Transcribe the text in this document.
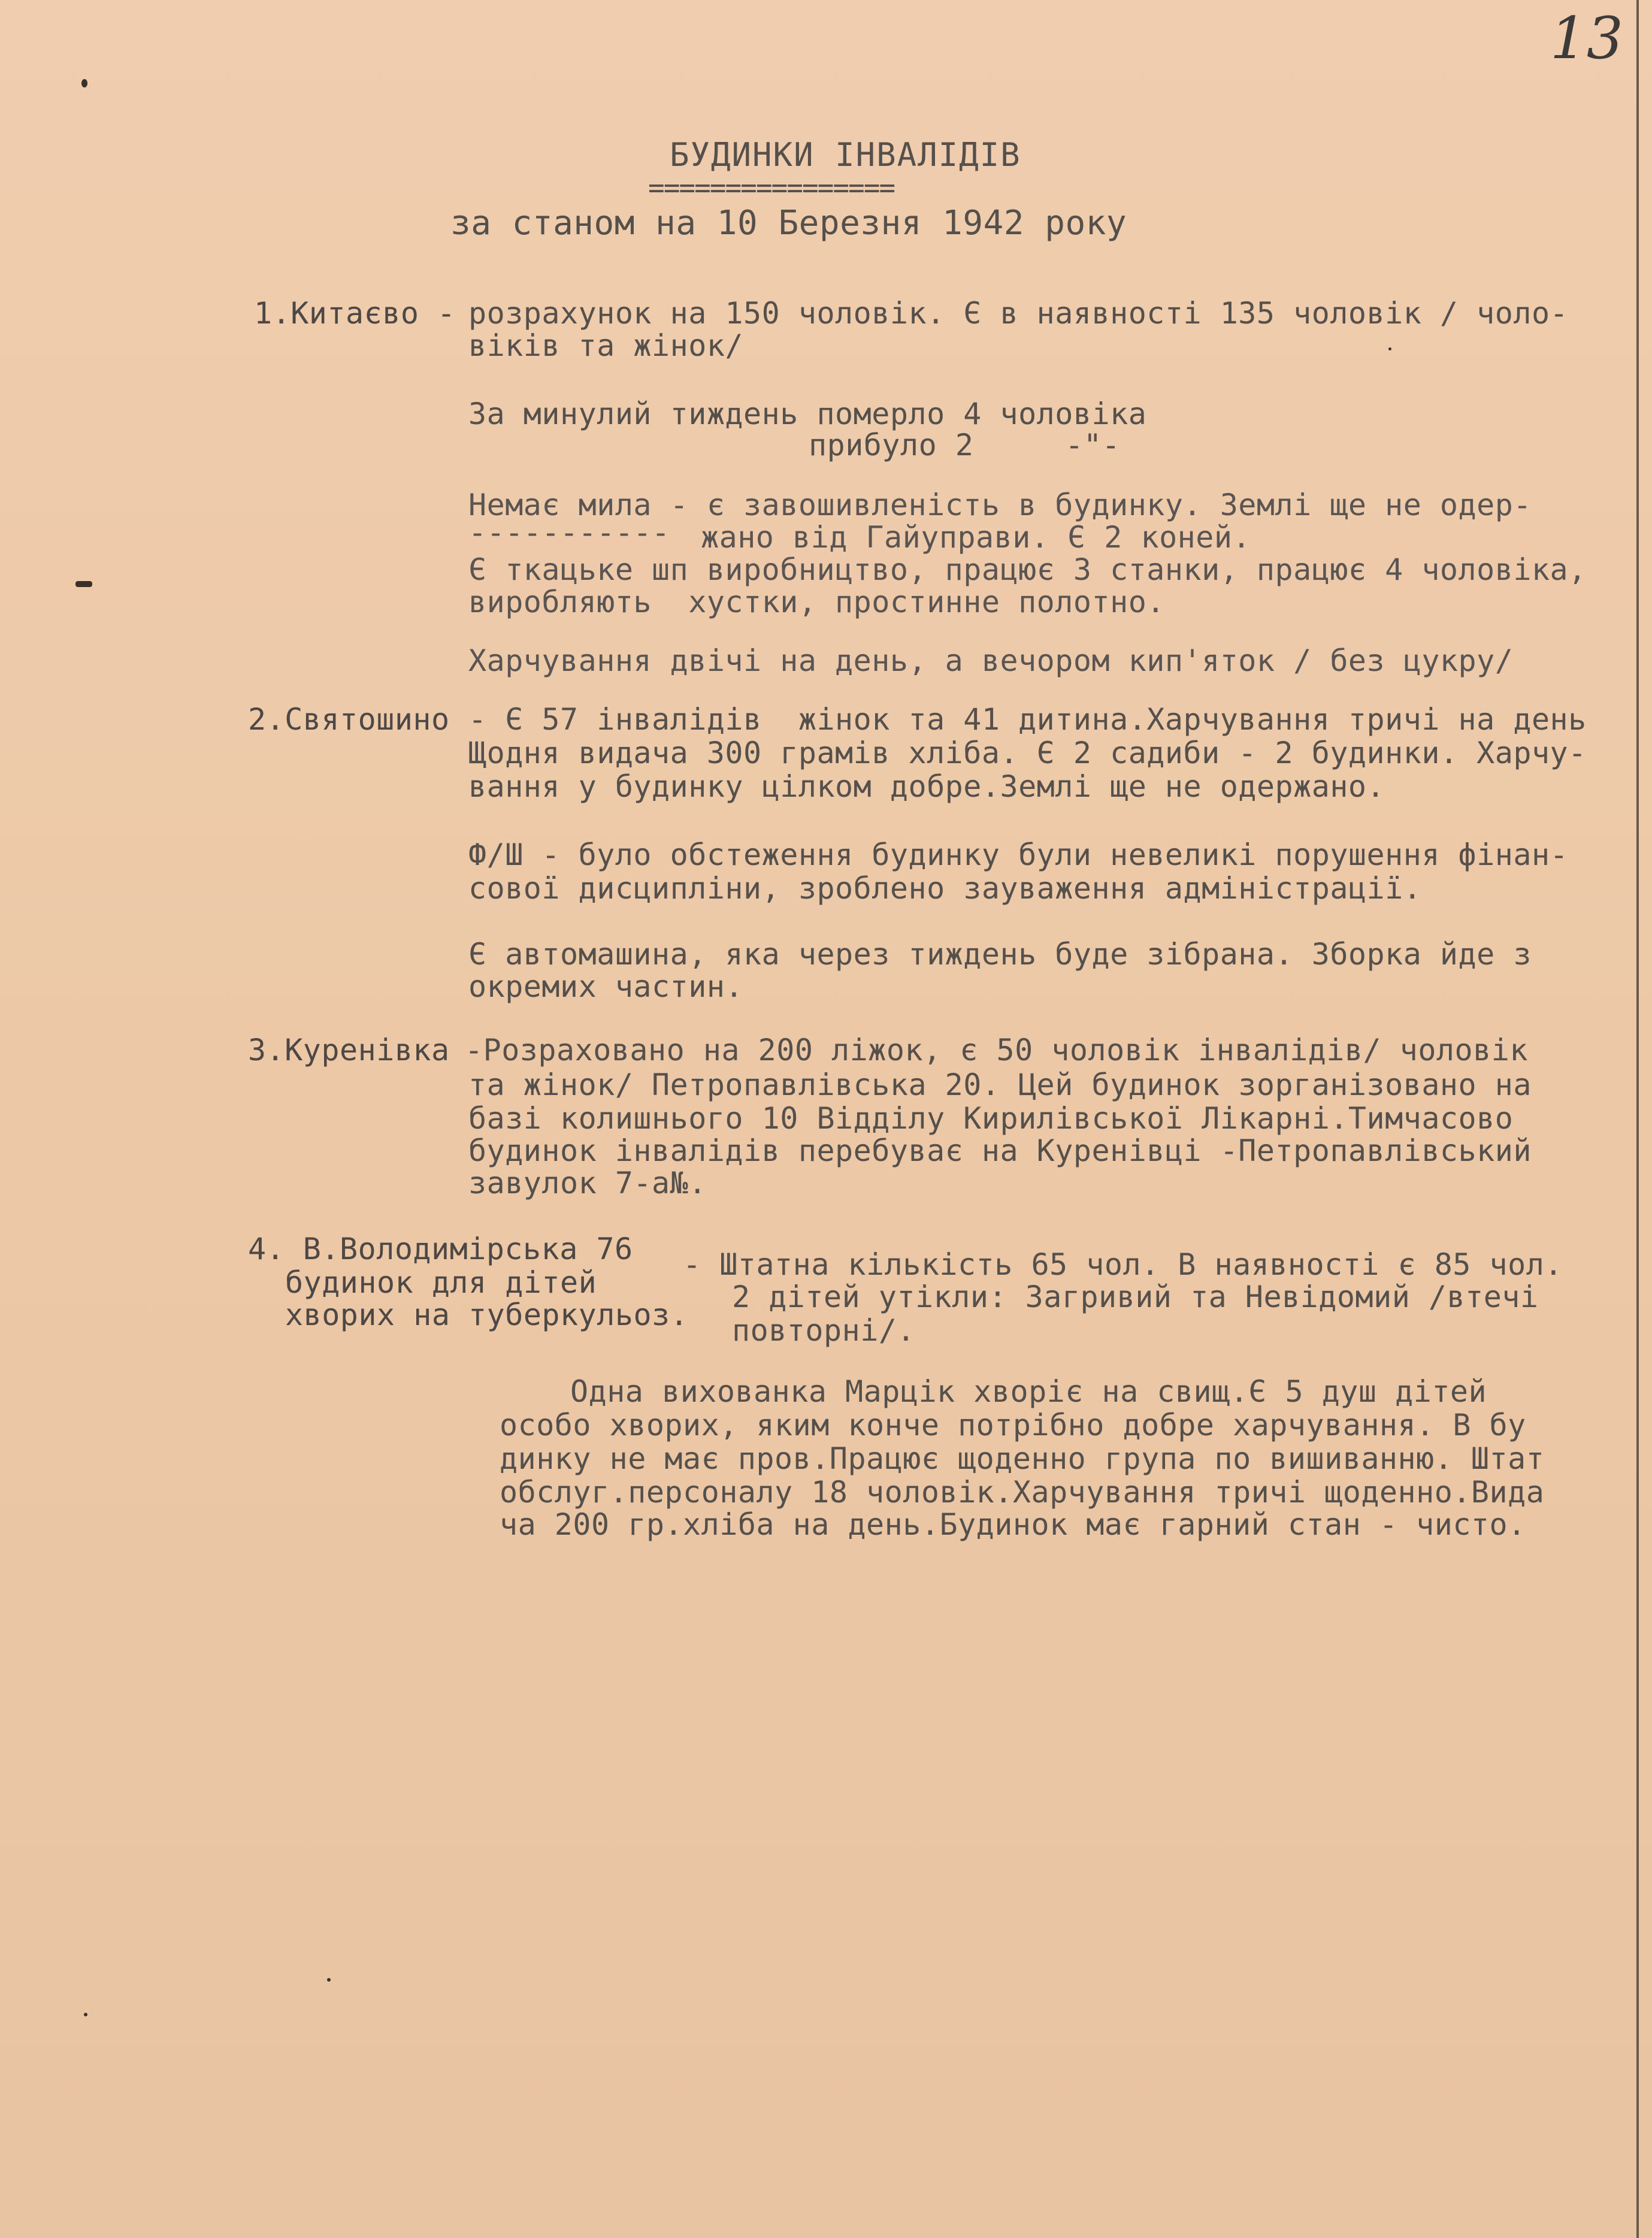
13
БУДИНКИ ІНВАЛІДІВ
================
за станом на 10 Березня 1942 року
1.Китаєво - розрахунок на 150 чоловік. Є в наявності 135 чоловік / чоло-
віків та жінок/
За минулий тиждень померло 4 чоловіка
прибуло 2     -"-
Немає мила - є завошивленість в будинку. Землі ще не одер-
----------- жано від Гайуправи. Є 2 коней.
Є ткацьке шп виробництво, працює 3 станки, працює 4 чоловіка,
виробляють  хустки, простинне полотно.
Харчування двічі на день, а вечором кип'яток / без цукру/
2.Святошино - Є 57 інвалідів  жінок та 41 дитина.Харчування тричі на день
Щодня видача 300 грамів хліба. Є 2 садиби - 2 будинки. Харчу-
вання у будинку цілком добре.Землі ще не одержано.
Ф/Ш - було обстеження будинку були невеликі порушення фінан-
сової дисципліни, зроблено зауваження адміністрації.
Є автомашина, яка через тиждень буде зібрана. Зборка йде з
окремих частин.
3.Куренівка -Розраховано на 200 ліжок, є 50 чоловік інвалідів/ чоловік
та жінок/ Петропавлівська 20. Цей будинок зорганізовано на
базі колишнього 10 Відділу Кирилівської Лікарні.Тимчасово
будинок інвалідів перебуває на Куренівці -Петропавлівський
завулок 7-а№.
4. В.Володимірська 76
будинок для дітей
хворих на туберкульоз.
- Штатна кількість 65 чол. В наявності є 85 чол.
2 дітей утікли: Загривий та Невідомий /втечі
повторні/.
Одна вихованка Марцік хворіє на свищ.Є 5 душ дітей
особо хворих, яким конче потрібно добре харчування. В бу
динку не має пров.Працює щоденно група по вишиванню. Штат
обслуг.персоналу 18 чоловік.Харчування тричі щоденно.Вида
ча 200 гр.хліба на день.Будинок має гарний стан - чисто.
